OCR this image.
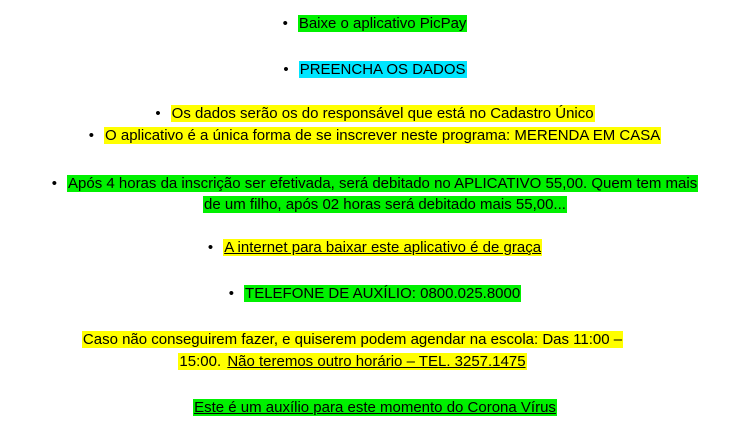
• Baixe o aplicativo PicPay
• PREENCHA OS DADOS
• Os dados serão os do responsável que está no Cadastro Único
• O aplicativo é a única forma de se inscrever neste programa: MERENDA EM CASA
• Após 4 horas da inscrição ser efetivada, será debitado no APLICATIVO 55,00. Quem tem mais
de um filho, após 02 horas será debitado mais 55,00...
• A internet para baixar este aplicativo é de graça
• TELEFONE DE AUXÍLIO: 0800.025.8000
Caso não conseguirem fazer, e quiserem podem agendar na escola: Das 11:00 –
15:00. Não teremos outro horário – TEL. 3257.1475
Este é um auxílio para este momento do Corona Vírus
